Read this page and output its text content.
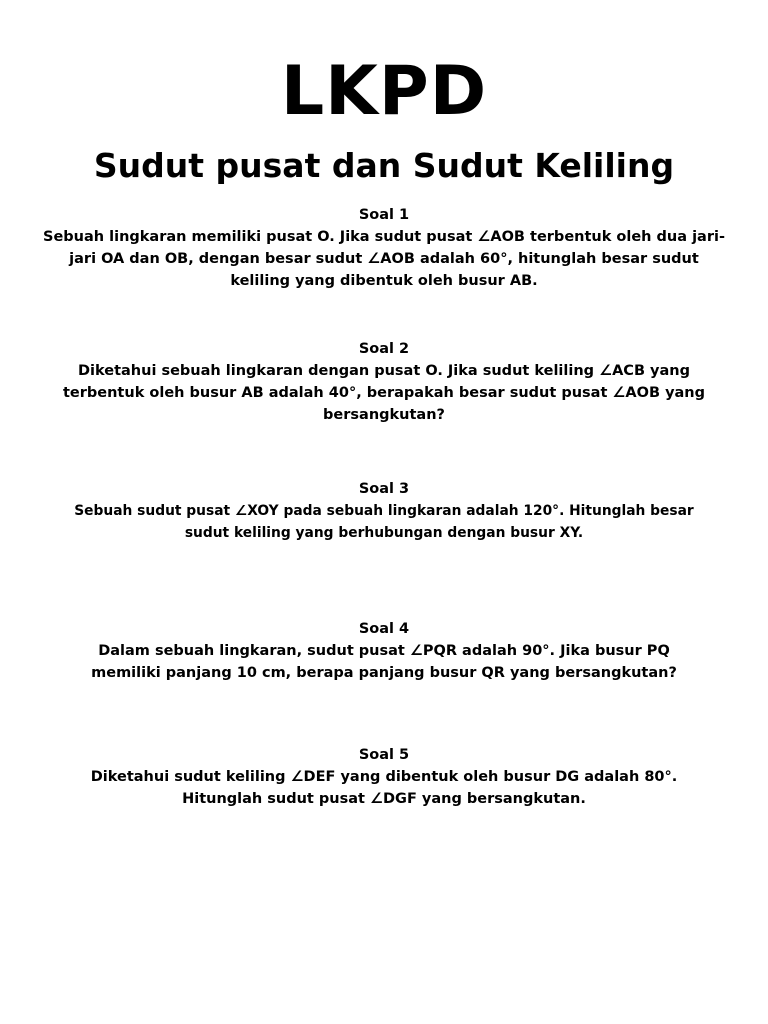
LKPD
Sudut pusat dan Sudut Keliling
Soal 1
Sebuah lingkaran memiliki pusat O. Jika sudut pusat ∠AOB terbentuk oleh dua jari-jari OA dan OB, dengan besar sudut ∠AOB adalah 60°, hitunglah besar sudut keliling yang dibentuk oleh busur AB.
Soal 2
Diketahui sebuah lingkaran dengan pusat O. Jika sudut keliling ∠ACB yang terbentuk oleh busur AB adalah 40°, berapakah besar sudut pusat ∠AOB yang bersangkutan?
Soal 3
Sebuah sudut pusat ∠XOY pada sebuah lingkaran adalah 120°. Hitunglah besar sudut keliling yang berhubungan dengan busur XY.
Soal 4
Dalam sebuah lingkaran, sudut pusat ∠PQR adalah 90°. Jika busur PQ memiliki panjang 10 cm, berapa panjang busur QR yang bersangkutan?
Soal 5
Diketahui sudut keliling ∠DEF yang dibentuk oleh busur DG adalah 80°. Hitunglah sudut pusat ∠DGF yang bersangkutan.
